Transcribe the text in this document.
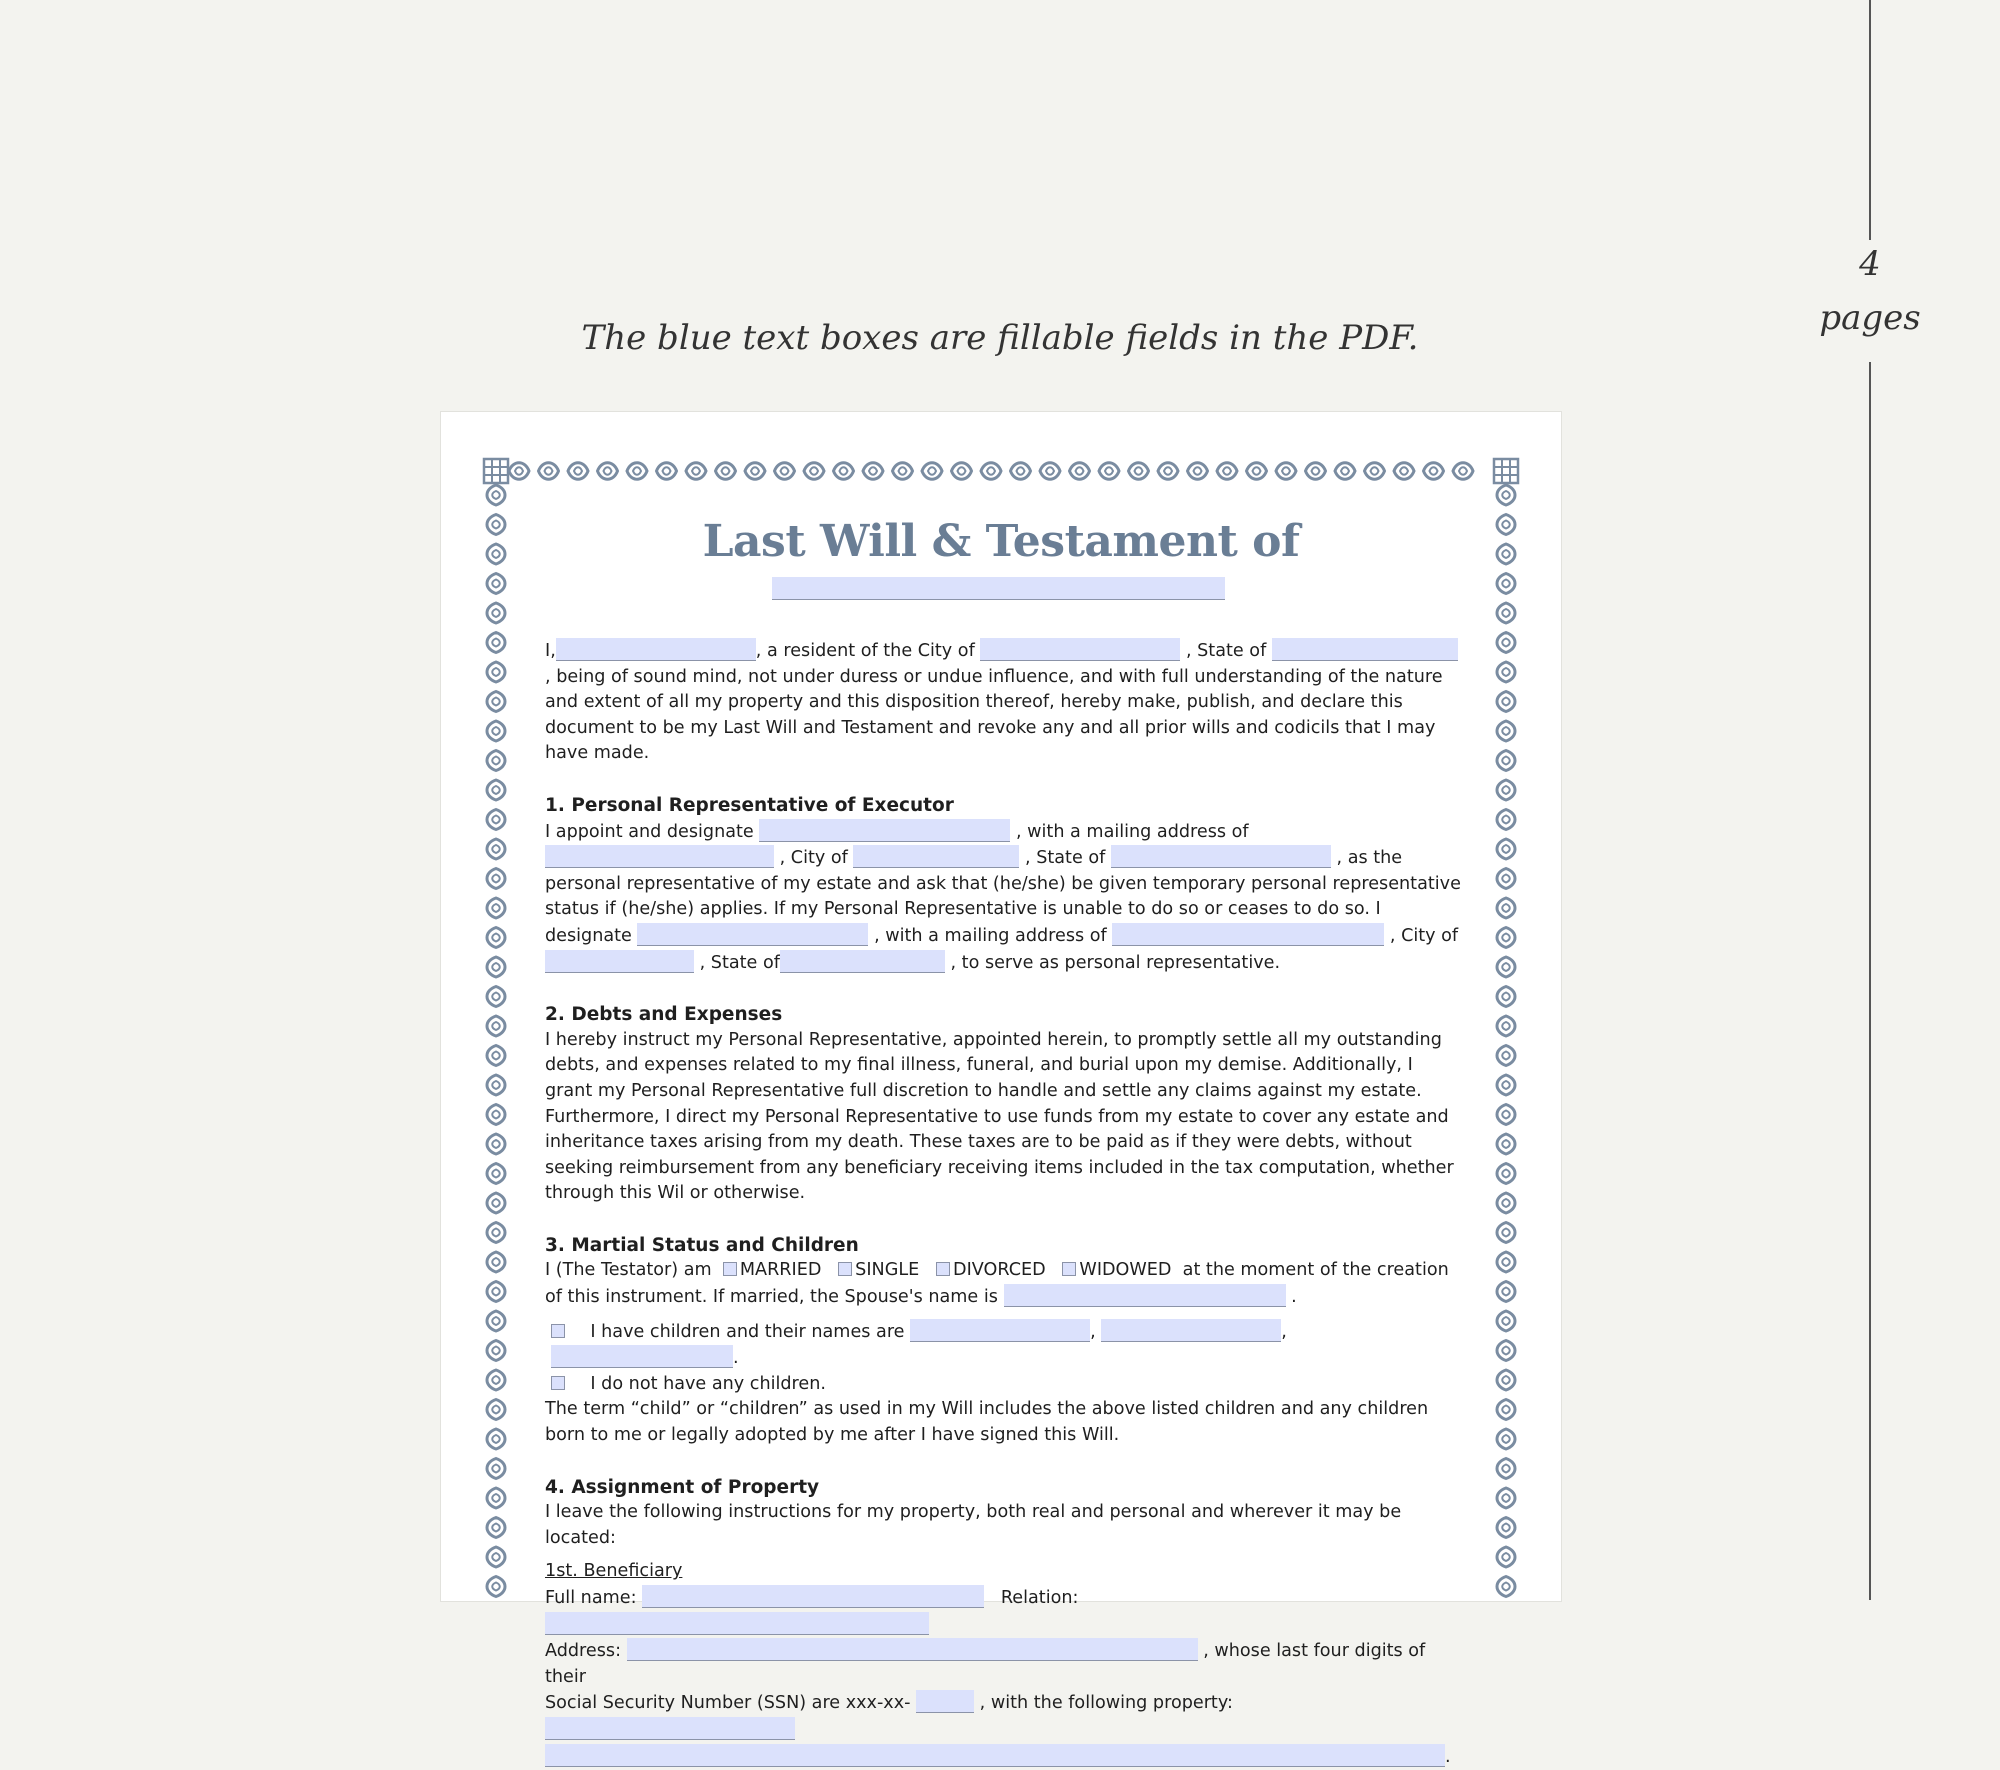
The blue text boxes are fillable fields in the PDF.
4
pages
Last Will & Testament of

I,	, a resident of the City of	, State of  , being of sound mind, not under duress or undue influence, and with full understanding of the nature and extent of all my property and this disposition thereof, hereby make, publish, and declare this document to be my Last Will and Testament and revoke any and all prior wills and codicils that I may have made.

1. Personal Representative of Executor

I appoint and designate	, with a mailing address of  , City of	, State of	, as the personal representative of my estate and ask that (he/she) be given temporary personal representative status if (he/she) applies. If my Personal Representative is unable to do so or ceases to do so. I designate	, with a mailing address of	, City of , State of	, to serve as personal representative.

2. Debts and Expenses

I hereby instruct my Personal Representative, appointed herein, to promptly settle all my outstanding debts, and expenses related to my final illness, funeral, and burial upon my demise. Additionally, I grant my Personal Representative full discretion to handle and settle any claims against my estate. Furthermore, I direct my Personal Representative to use funds from my estate to cover any estate and inheritance taxes arising from my death. These taxes are to be paid as if they were debts, without seeking reimbursement from any beneficiary receiving items included in the tax computation, whether through this Wil or otherwise.

3. Martial Status and Children

I (The Testator) am MARRIED SINGLE DIVORCED WIDOWED at the moment of the creation of this instrument. If married, the Spouse's name is	.

I have children and their names are	,	, .

I do not have any children.

The term “child” or “children” as used in my Will includes the above listed children and any children born to me or legally adopted by me after I have signed this Will.

4. Assignment of Property

I leave the following instructions for my property, both real and personal and wherever it may be located:

1st. Beneficiary

Full name:	Relation:

Address:	, whose last four digits of their

Social Security Number (SSN) are xxx-xx-	, with the following property:

.
